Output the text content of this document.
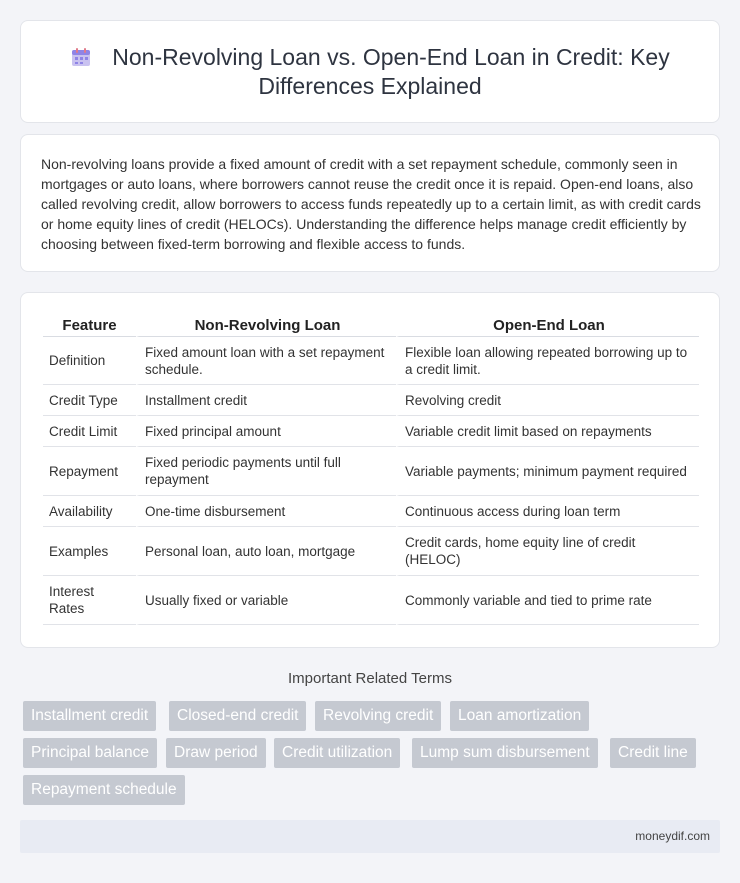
Non-Revolving Loan vs. Open-End Loan in Credit: Key Differences Explained

Non-revolving loans provide a fixed amount of credit with a set repayment schedule, commonly seen in mortgages or auto loans, where borrowers cannot reuse the credit once it is repaid. Open-end loans, also called revolving credit, allow borrowers to access funds repeatedly up to a certain limit, as with credit cards or home equity lines of credit (HELOCs). Understanding the difference helps manage credit efficiently by choosing between fixed-term borrowing and flexible access to funds.

Feature	Non-Revolving Loan	Open-End Loan
Definition	Fixed amount loan with a set repayment schedule.	Flexible loan allowing repeated borrowing up to a credit limit.
Credit Type	Installment credit	Revolving credit
Credit Limit	Fixed principal amount	Variable credit limit based on repayments
Repayment	Fixed periodic payments until full repayment	Variable payments; minimum payment required
Availability	One-time disbursement	Continuous access during loan term
Examples	Personal loan, auto loan, mortgage	Credit cards, home equity line of credit (HELOC)
Interest Rates	Usually fixed or variable	Commonly variable and tied to prime rate
Important Related Terms
Installment credit	Closed-end credit	Revolving credit	Loan amortization
Principal balance	Draw period	Credit utilization	Lump sum disbursement	Credit line
Repayment schedule
moneydif.com
